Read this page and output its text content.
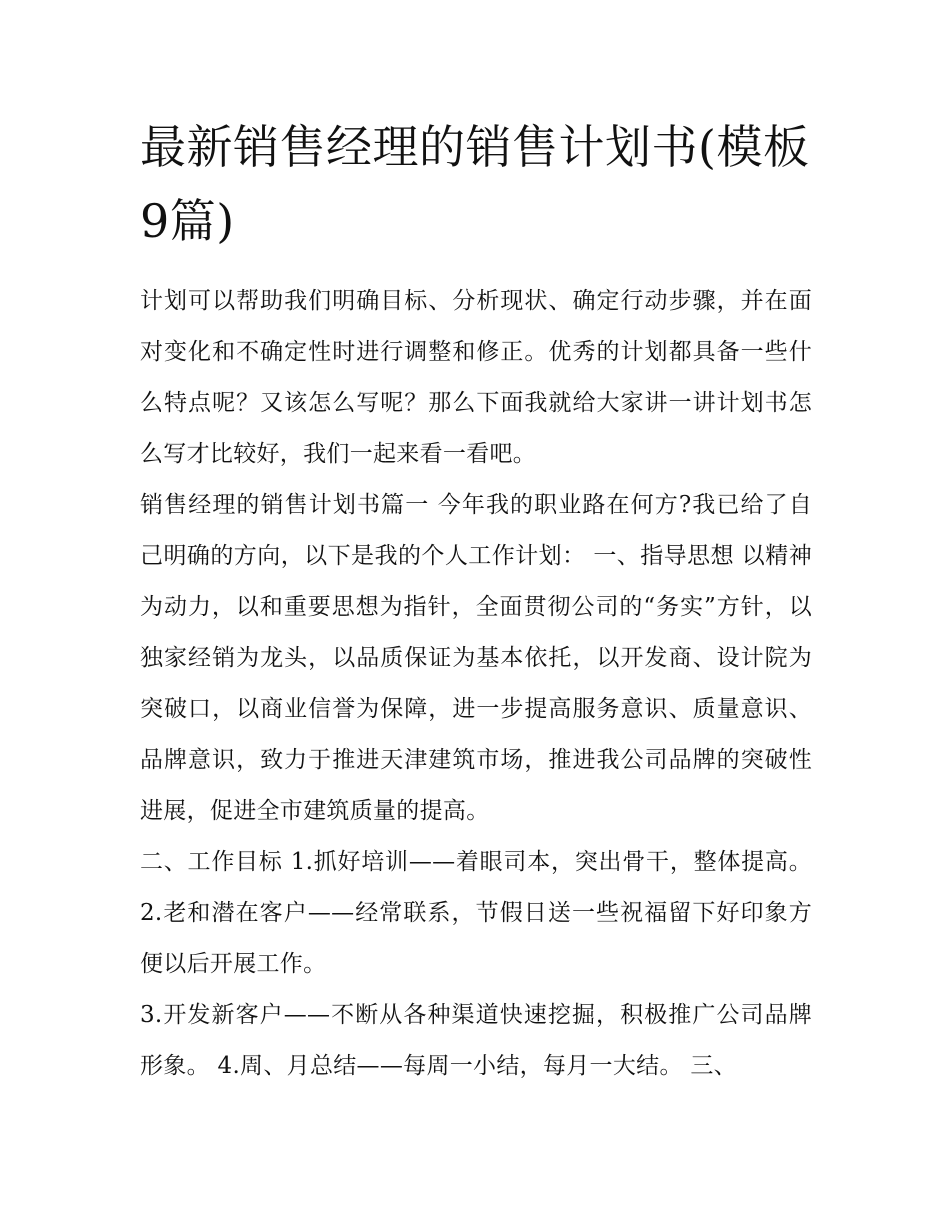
最新销售经理的销售计划书(模板9篇)

计划可以帮助我们明确目标、分析现状、确定行动步骤，并在面对变化和不确定性时进行调整和修正。优秀的计划都具备一些什么特点呢？又该怎么写呢？那么下面我就给大家讲一讲计划书怎么写才比较好，我们一起来看一看吧。

销售经理的销售计划书篇一 今年我的职业路在何方?我已给了自己明确的方向，以下是我的个人工作计划： 一、指导思想 以精神为动力，以和重要思想为指针，全面贯彻公司的“务实”方针，以独家经销为龙头，以品质保证为基本依托，以开发商、设计院为突破口，以商业信誉为保障，进一步提高服务意识、质量意识、品牌意识，致力于推进天津建筑市场，推进我公司品牌的突破性进展，促进全市建筑质量的提高。

二、工作目标 1.抓好培训——着眼司本，突出骨干，整体提高。 2.老和潜在客户——经常联系，节假日送一些祝福留下好印象方便以后开展工作。

3.开发新客户——不断从各种渠道快速挖掘，积极推广公司品牌形象。 4.周、月总结——每周一小结，每月一大结。 三、
